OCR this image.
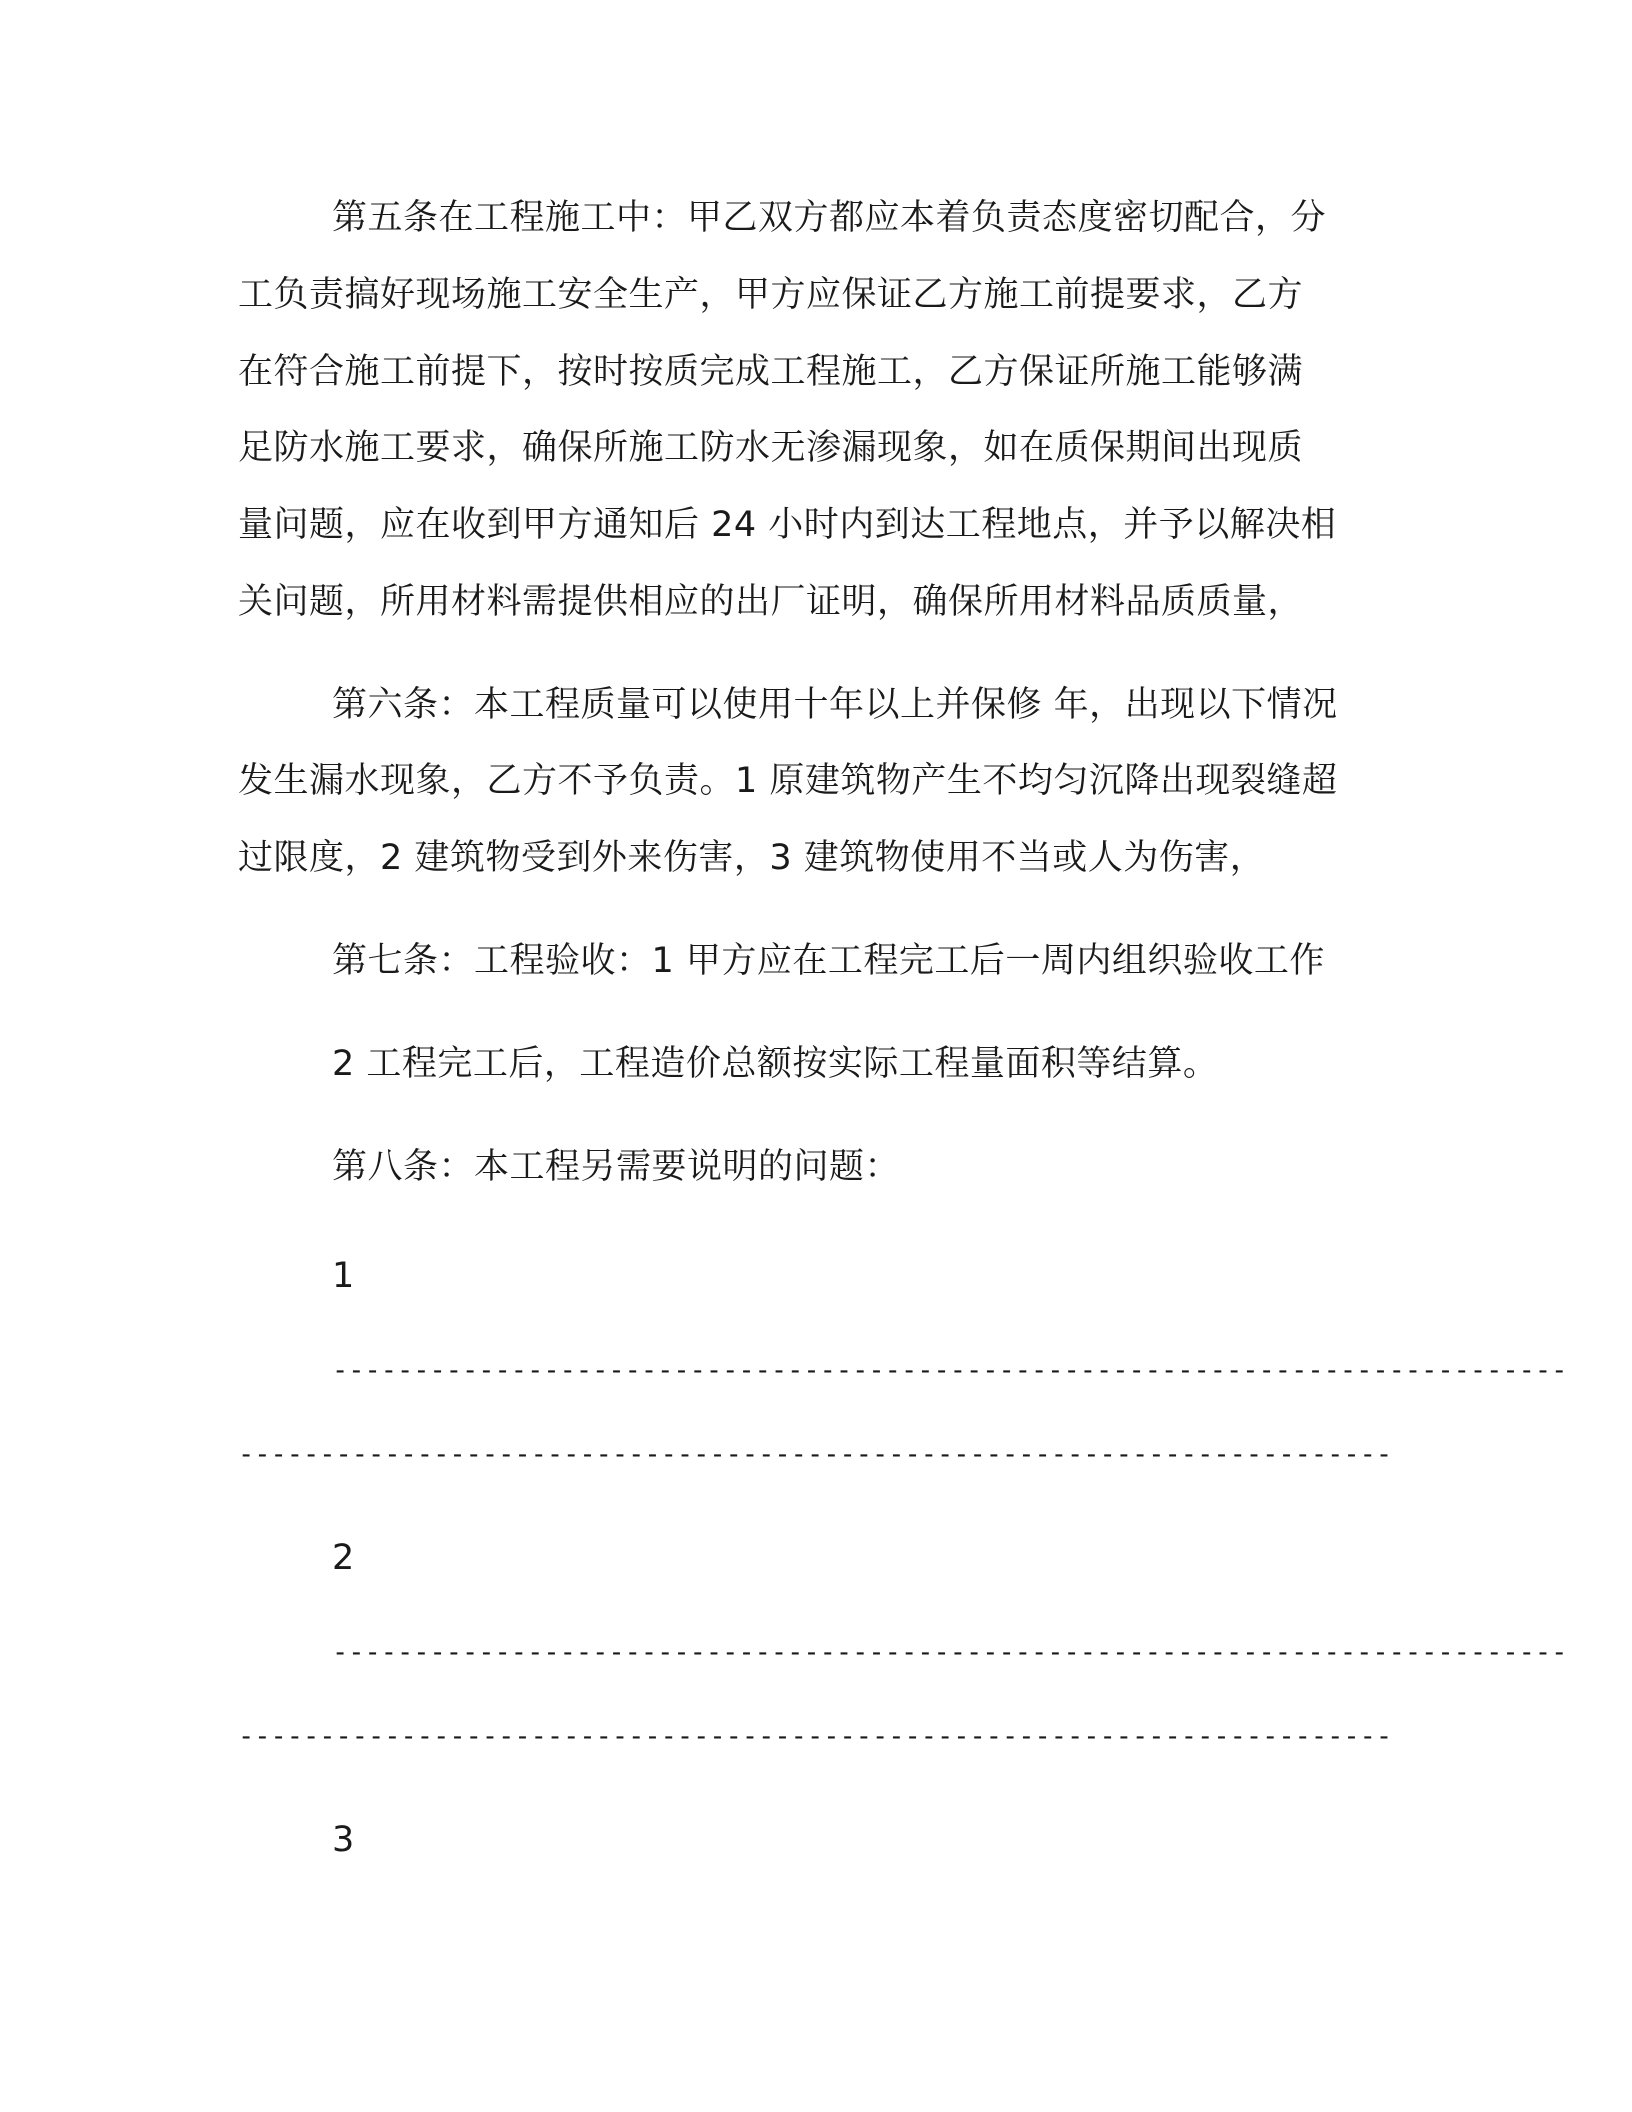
第五条在工程施工中：甲乙双方都应本着负责态度密切配合，分
工负责搞好现场施工安全生产，甲方应保证乙方施工前提要求，乙方
在符合施工前提下，按时按质完成工程施工，乙方保证所施工能够满
足防水施工要求，确保所施工防水无渗漏现象，如在质保期间出现质
量问题，应在收到甲方通知后 24 小时内到达工程地点，并予以解决相
关问题，所用材料需提供相应的出厂证明，确保所用材料品质质量，
第六条：本工程质量可以使用十年以上并保修 年，出现以下情况
发生漏水现象，乙方不予负责。1 原建筑物产生不均匀沉降出现裂缝超
过限度，2 建筑物受到外来伤害，3 建筑物使用不当或人为伤害，
第七条：工程验收：1 甲方应在工程完工后一周内组织验收工作
2 工程完工后，工程造价总额按实际工程量面积等结算。
第八条：本工程另需要说明的问题：
1
----------------------------------------------------------------------------
-----------------------------------------------------------------------
2
----------------------------------------------------------------------------
-----------------------------------------------------------------------
3
